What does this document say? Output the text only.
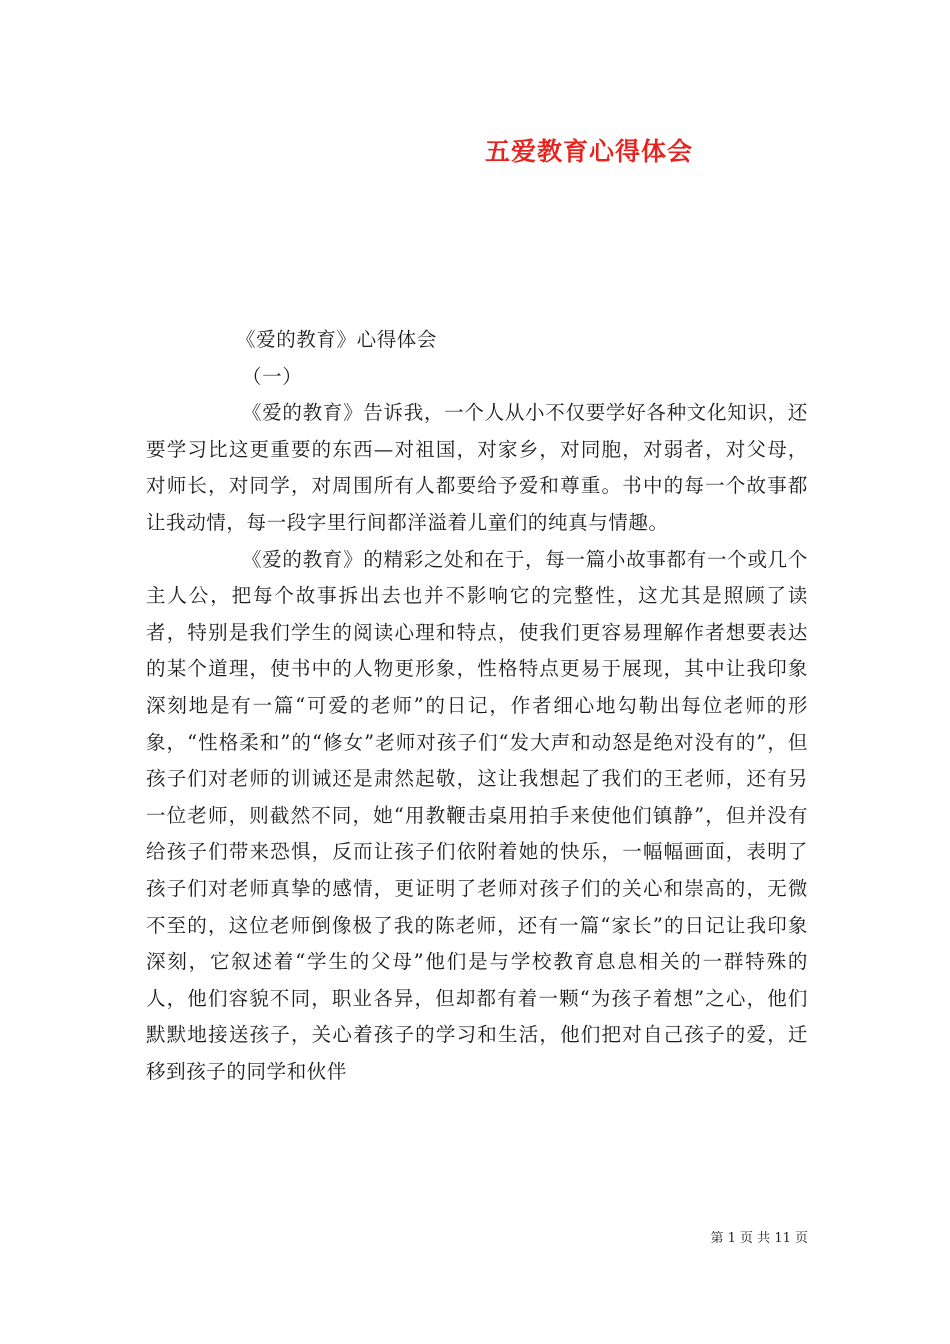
五爱教育心得体会

《爱的教育》心得体会

（一）

《爱的教育》告诉我，一个人从小不仅要学好各种文化知识，还要学习比这更重要的东西—对祖国，对家乡，对同胞，对弱者，对父母，对师长，对同学，对周围所有人都要给予爱和尊重。书中的每一个故事都让我动情，每一段字里行间都洋溢着儿童们的纯真与情趣。

《爱的教育》的精彩之处和在于，每一篇小故事都有一个或几个主人公，把每个故事拆出去也并不影响它的完整性，这尤其是照顾了读者，特别是我们学生的阅读心理和特点，使我们更容易理解作者想要表达的某个道理，使书中的人物更形象，性格特点更易于展现，其中让我印象深刻地是有一篇“可爱的老师”的日记，作者细心地勾勒出每位老师的形象，“性格柔和”的“修女”老师对孩子们“发大声和动怒是绝对没有的”，但孩子们对老师的训诫还是肃然起敬，这让我想起了我们的王老师，还有另一位老师，则截然不同，她“用教鞭击桌用拍手来使他们镇静”，但并没有给孩子们带来恐惧，反而让孩子们依附着她的快乐，一幅幅画面，表明了孩子们对老师真挚的感情，更证明了老师对孩子们的关心和崇高的，无微不至的，这位老师倒像极了我的陈老师，还有一篇“家长”的日记让我印象深刻，它叙述着“学生的父母”他们是与学校教育息息相关的一群特殊的人，他们容貌不同，职业各异，但却都有着一颗“为孩子着想”之心，他们默默地接送孩子，关心着孩子的学习和生活，他们把对自己孩子的爱，迁移到孩子的同学和伙伴

第 1 页 共 11 页
